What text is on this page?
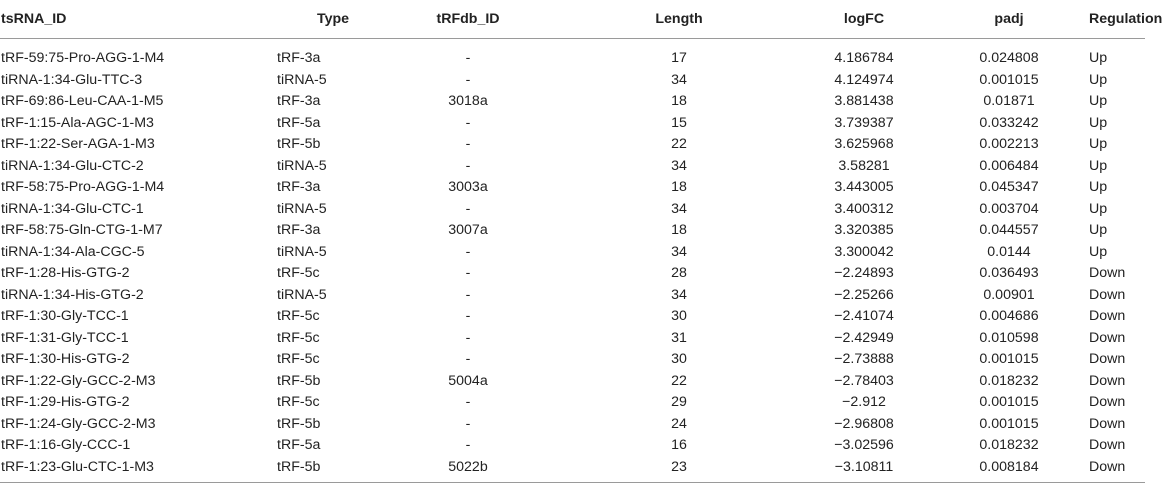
tsRNA_ID	Type	tRFdb_ID	Length	logFC	padj	Regulation
tRF-59:75-Pro-AGG-1-M4	tRF-3a	-	17	4.186784	0.024808	Up
tiRNA-1:34-Glu-TTC-3	tiRNA-5	-	34	4.124974	0.001015	Up
tRF-69:86-Leu-CAA-1-M5	tRF-3a	3018a	18	3.881438	0.01871	Up
tRF-1:15-Ala-AGC-1-M3	tRF-5a	-	15	3.739387	0.033242	Up
tRF-1:22-Ser-AGA-1-M3	tRF-5b	-	22	3.625968	0.002213	Up
tiRNA-1:34-Glu-CTC-2	tiRNA-5	-	34	3.58281	0.006484	Up
tRF-58:75-Pro-AGG-1-M4	tRF-3a	3003a	18	3.443005	0.045347	Up
tiRNA-1:34-Glu-CTC-1	tiRNA-5	-	34	3.400312	0.003704	Up
tRF-58:75-Gln-CTG-1-M7	tRF-3a	3007a	18	3.320385	0.044557	Up
tiRNA-1:34-Ala-CGC-5	tiRNA-5	-	34	3.300042	0.0144	Up
tRF-1:28-His-GTG-2	tRF-5c	-	28	−2.24893	0.036493	Down
tiRNA-1:34-His-GTG-2	tiRNA-5	-	34	−2.25266	0.00901	Down
tRF-1:30-Gly-TCC-1	tRF-5c	-	30	−2.41074	0.004686	Down
tRF-1:31-Gly-TCC-1	tRF-5c	-	31	−2.42949	0.010598	Down
tRF-1:30-His-GTG-2	tRF-5c	-	30	−2.73888	0.001015	Down
tRF-1:22-Gly-GCC-2-M3	tRF-5b	5004a	22	−2.78403	0.018232	Down
tRF-1:29-His-GTG-2	tRF-5c	-	29	−2.912	0.001015	Down
tRF-1:24-Gly-GCC-2-M3	tRF-5b	-	24	−2.96808	0.001015	Down
tRF-1:16-Gly-CCC-1	tRF-5a	-	16	−3.02596	0.018232	Down
tRF-1:23-Glu-CTC-1-M3	tRF-5b	5022b	23	−3.10811	0.008184	Down
